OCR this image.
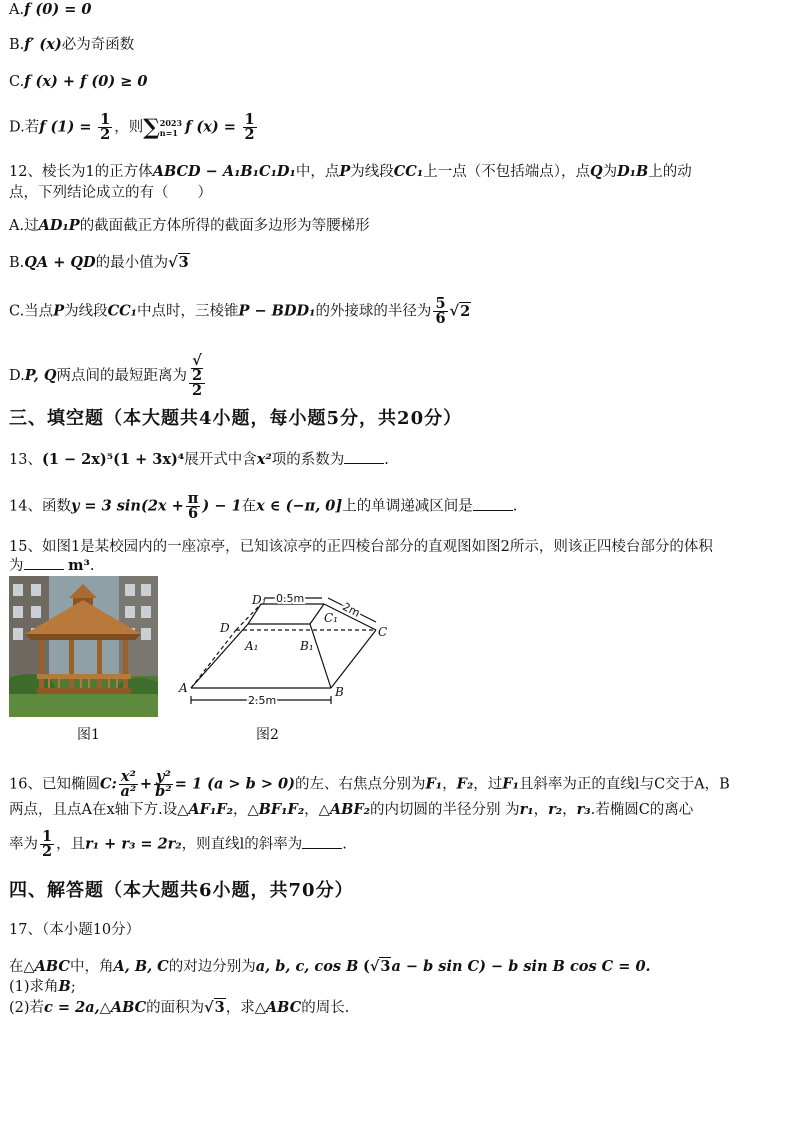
A.f (0) = 0
B.f′ (x)必为奇函数
C.f (x) + f (0) ≥ 0
D.若f $(1) = \frac{1}{2}$ ，则∑ 2023
n=1 f $(x) = \frac{1}{2}$
12、棱长为1的正方体ABCD − A₁B₁C₁D₁中，点P为线段CC₁上一点（不包括端点），点Q为D₁B上的动
点，下列结论成立的有（　　）
A.过AD₁P的截面截正方体所得的截面多边形为等腰梯形
B.QA + QD的最小值为√3
C.当点P为线段CC₁中点时，三棱锥P − BDD₁的外接球的半径为 $\frac{5}{6} √2$
D.P, Q两点间的最短距离为 √
2
2
三、填空题（本大题共4小题，每小题5分，共20分）
13、(1 − 2x)⁵(1 + 3x)⁴展开式中含x²项的系数为	.
14、函数y = 3 $\sin(2x + \frac{\pi}{6}$ ) − 1在x ∈ (−π, 0]上的单调递减区间是	.
15、如图1是某校园内的一座凉亭，已知该凉亭的正四棱台部分的直观图如图2所示，则该正四棱台部分的体积
为	m³.
图1
D₁
C₁
A₁	B₁
A	B
C
D
0.5m
2m
2.5m
图2
16、已知椭圆C: $\frac{\text{x²}}{\text{a²}} + \frac{\text{y²}}{\text{b²}} = 1$ (a > b > 0)的左、右焦点分别为F₁，F₂，过F₁且斜率为正的直线l与C交于A，B
两点，且点A在x轴下方.设△AF₁F₂，△BF₁F₂，△ABF₂的内切圆的半径分别 为r₁，r₂，r₃.若椭圆C的离心
率为 $\frac{1}{2}$ ，且r₁ + r₃ = 2r₂，则直线l的斜率为	.
四、解答题（本大题共6小题，共70分）
17、（本小题10分）
在△ABC中，角A, B, C的对边分别为a, b, c, cos B (√3a − b sin C) − b sin B cos C = 0.
(1)求角B;
(2)若c = 2a,△ABC的面积为√3，求△ABC的周长.
